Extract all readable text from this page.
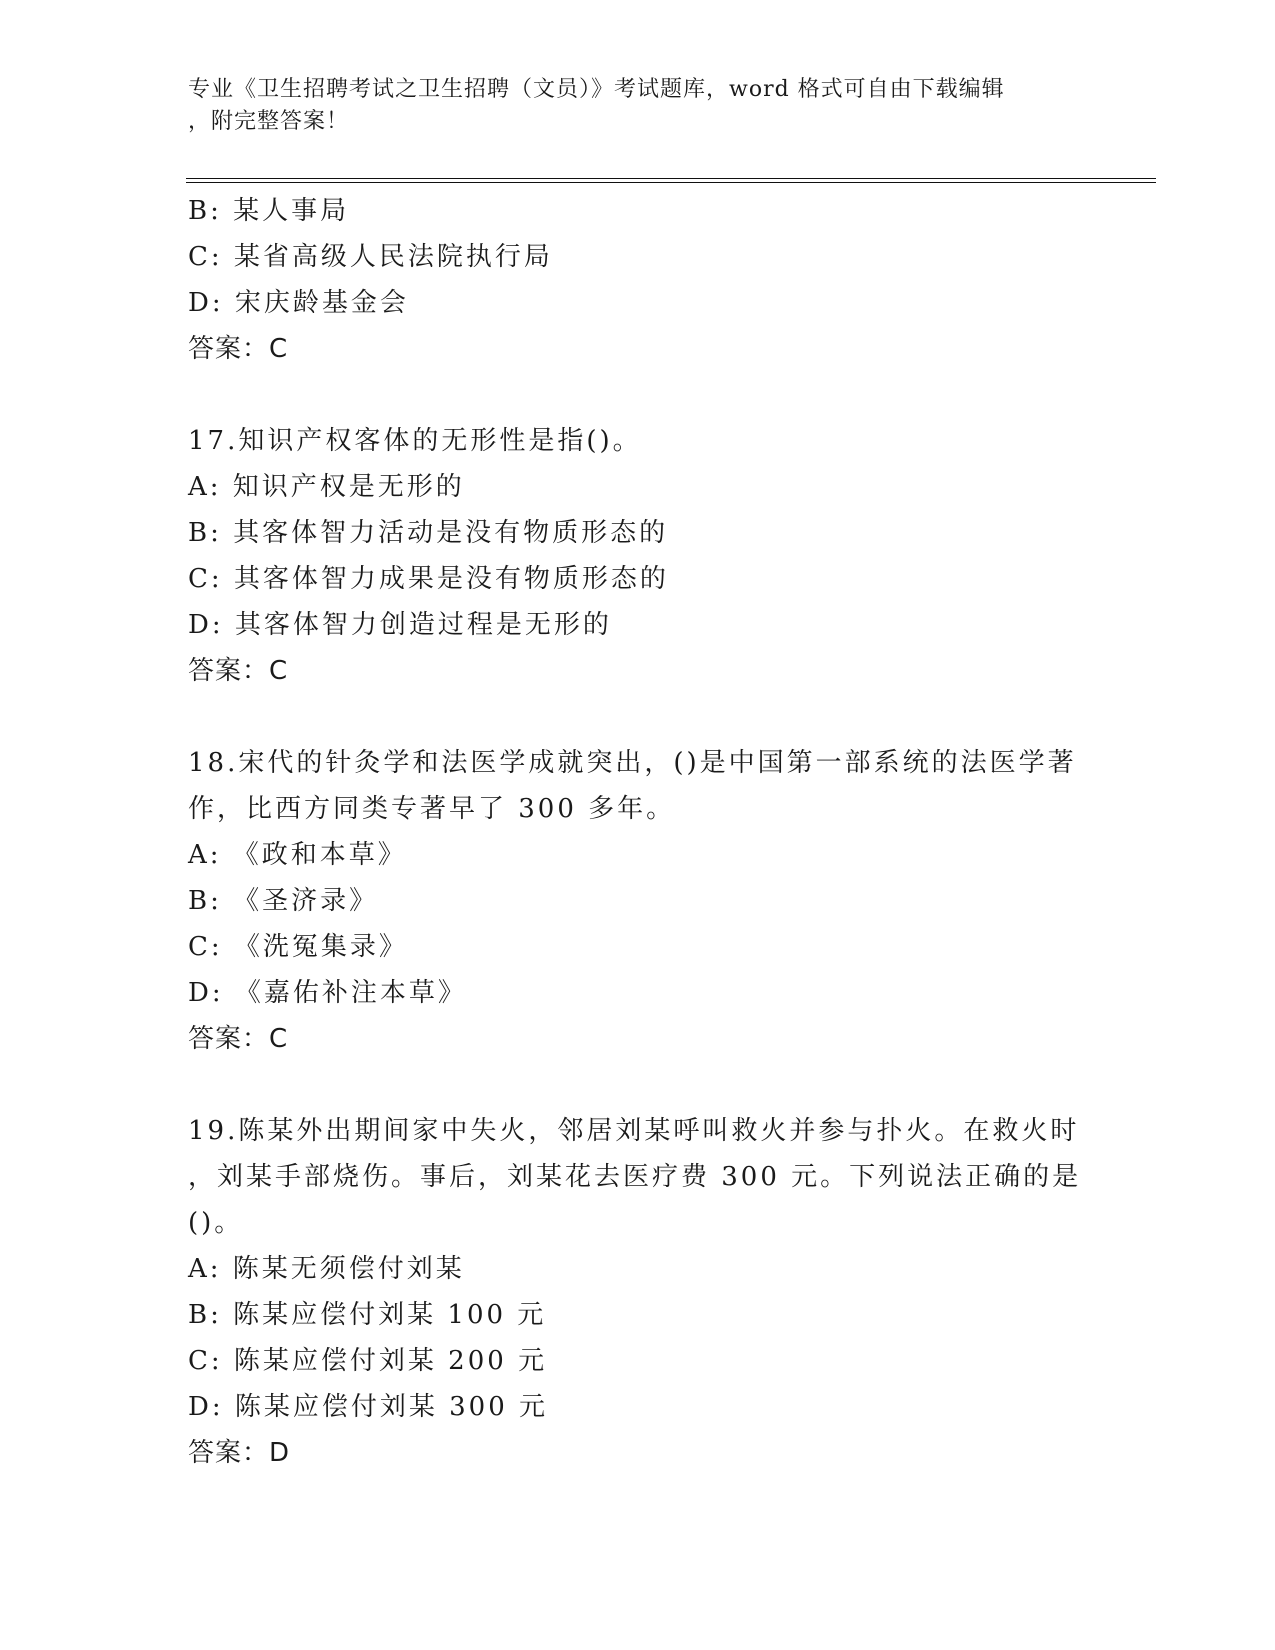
专业《卫生招聘考试之卫生招聘（文员）》考试题库，word 格式可自由下载编辑
，附完整答案！
B: 某人事局
C: 某省高级人民法院执行局
D: 宋庆龄基金会
答案：C
17.知识产权客体的无形性是指()。
A: 知识产权是无形的
B: 其客体智力活动是没有物质形态的
C: 其客体智力成果是没有物质形态的
D: 其客体智力创造过程是无形的
答案：C
18.宋代的针灸学和法医学成就突出，()是中国第一部系统的法医学著
作，比西方同类专著早了 300 多年。
A: 《政和本草》
B: 《圣济录》
C: 《洗冤集录》
D: 《嘉佑补注本草》
答案：C
19.陈某外出期间家中失火，邻居刘某呼叫救火并参与扑火。在救火时
，刘某手部烧伤。事后，刘某花去医疗费 300 元。下列说法正确的是
()。
A: 陈某无须偿付刘某
B: 陈某应偿付刘某 100 元
C: 陈某应偿付刘某 200 元
D: 陈某应偿付刘某 300 元
答案：D
